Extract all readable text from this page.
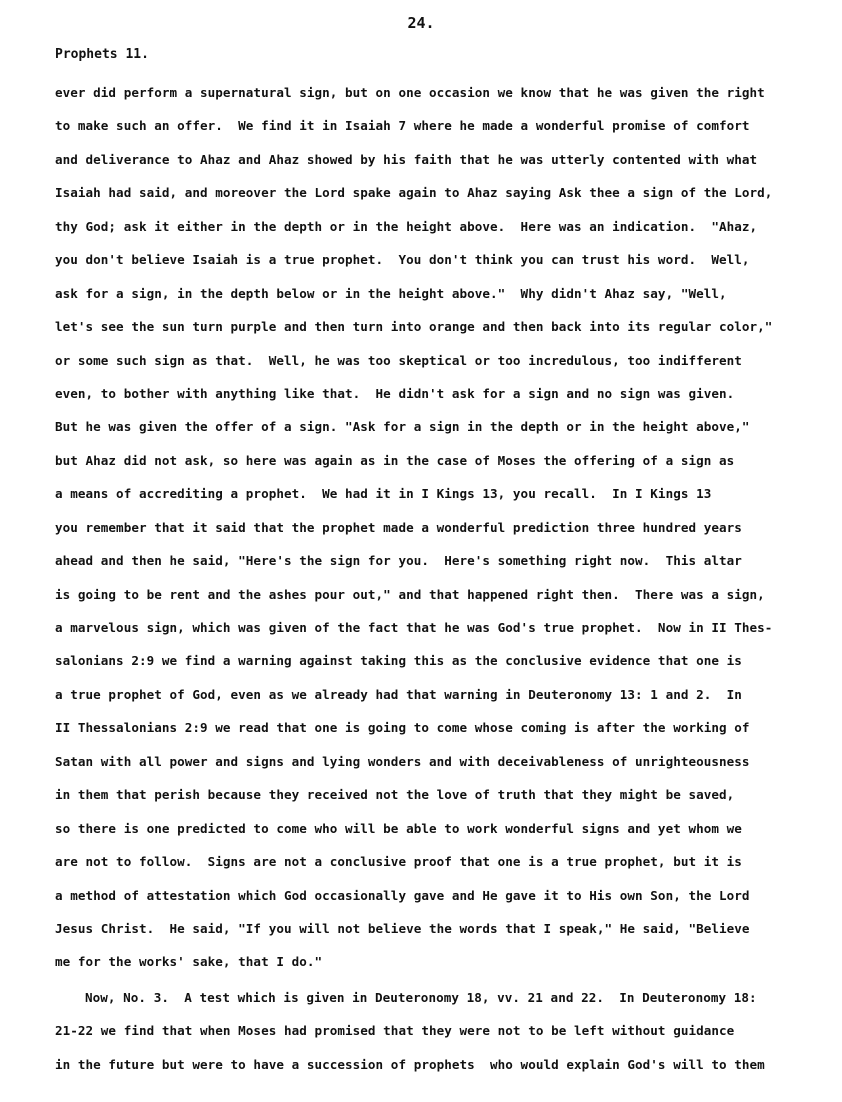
24.
Prophets 11.
ever did perform a supernatural sign, but on one occasion we know that he was given the right
to make such an offer.  We find it in Isaiah 7 where he made a wonderful promise of comfort
and deliverance to Ahaz and Ahaz showed by his faith that he was utterly contented with what
Isaiah had said, and moreover the Lord spake again to Ahaz saying Ask thee a sign of the Lord,
thy God; ask it either in the depth or in the height above.  Here was an indication.  "Ahaz,
you don't believe Isaiah is a true prophet.  You don't think you can trust his word.  Well,
ask for a sign, in the depth below or in the height above."  Why didn't Ahaz say, "Well,
let's see the sun turn purple and then turn into orange and then back into its regular color,"
or some such sign as that.  Well, he was too skeptical or too incredulous, too indifferent
even, to bother with anything like that.  He didn't ask for a sign and no sign was given.
But he was given the offer of a sign. "Ask for a sign in the depth or in the height above,"
but Ahaz did not ask, so here was again as in the case of Moses the offering of a sign as
a means of accrediting a prophet.  We had it in I Kings 13, you recall.  In I Kings 13
you remember that it said that the prophet made a wonderful prediction three hundred years
ahead and then he said, "Here's the sign for you.  Here's something right now.  This altar
is going to be rent and the ashes pour out," and that happened right then.  There was a sign,
a marvelous sign, which was given of the fact that he was God's true prophet.  Now in II Thes-
salonians 2:9 we find a warning against taking this as the conclusive evidence that one is
a true prophet of God, even as we already had that warning in Deuteronomy 13: 1 and 2.  In
II Thessalonians 2:9 we read that one is going to come whose coming is after the working of
Satan with all power and signs and lying wonders and with deceivableness of unrighteousness
in them that perish because they received not the love of truth that they might be saved,
so there is one predicted to come who will be able to work wonderful signs and yet whom we
are not to follow.  Signs are not a conclusive proof that one is a true prophet, but it is
a method of attestation which God occasionally gave and He gave it to His own Son, the Lord
Jesus Christ.  He said, "If you will not believe the words that I speak," He said, "Believe
me for the works' sake, that I do."
Now, No. 3.  A test which is given in Deuteronomy 18, vv. 21 and 22.  In Deuteronomy 18:
21-22 we find that when Moses had promised that they were not to be left without guidance
in the future but were to have a succession of prophets  who would explain God's will to them
